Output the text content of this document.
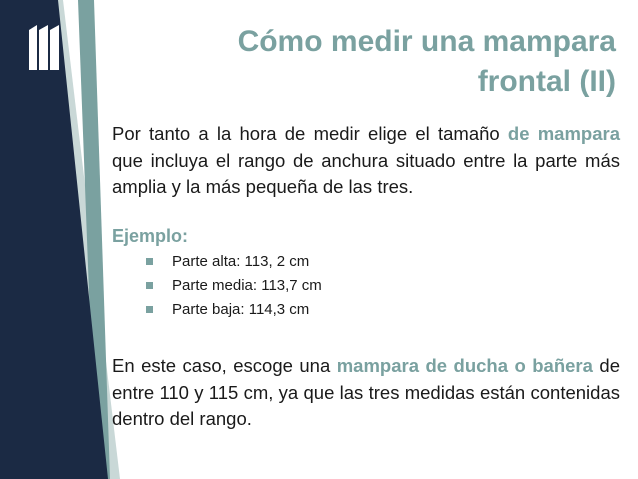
Cómo medir una mampara frontal (II)
Por tanto a la hora de medir elige el tamaño de mampara que incluya el rango de anchura situado entre la parte más amplia y la más pequeña de las tres.
Ejemplo:
Parte alta: 113, 2 cm
Parte media: 113,7 cm
Parte baja: 114,3 cm
En este caso, escoge una mampara de ducha o bañera de entre 110 y 115 cm, ya que las tres medidas están contenidas dentro del rango.
